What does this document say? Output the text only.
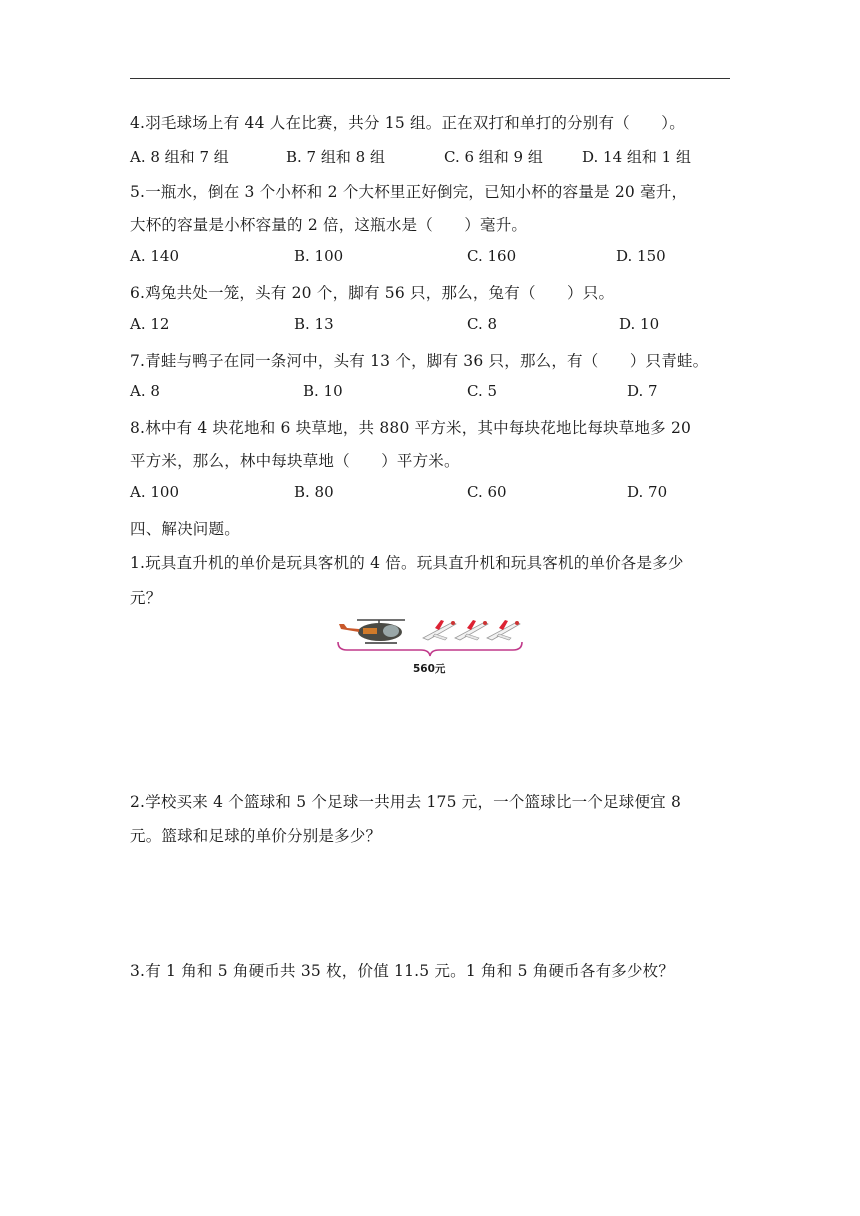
4.羽毛球场上有 44 人在比赛，共分 15 组。正在双打和单打的分别有（　　）。
A. 8 组和 7 组	B. 7 组和 8 组	C. 6 组和 9 组	D. 14 组和 1 组
5.一瓶水，倒在 3 个小杯和 2 个大杯里正好倒完，已知小杯的容量是 20 毫升，
大杯的容量是小杯容量的 2 倍，这瓶水是（　　）毫升。
A. 140	B. 100	C. 160	D. 150
6.鸡兔共处一笼，头有 20 个，脚有 56 只，那么，兔有（　　）只。
A. 12	B. 13	C. 8	D. 10
7.青蛙与鸭子在同一条河中，头有 13 个，脚有 36 只，那么，有（　　）只青蛙。
A. 8	B. 10	C. 5	D. 7
8.林中有 4 块花地和 6 块草地，共 880 平方米，其中每块花地比每块草地多 20
平方米，那么，林中每块草地（　　）平方米。
A. 100	B. 80	C. 60	D. 70
四、解决问题。
1.玩具直升机的单价是玩具客机的 4 倍。玩具直升机和玩具客机的单价各是多少
元？
560元
2.学校买来 4 个篮球和 5 个足球一共用去 175 元，一个篮球比一个足球便宜 8
元。篮球和足球的单价分别是多少？
3.有 1 角和 5 角硬币共 35 枚，价值 11.5 元。1 角和 5 角硬币各有多少枚？
